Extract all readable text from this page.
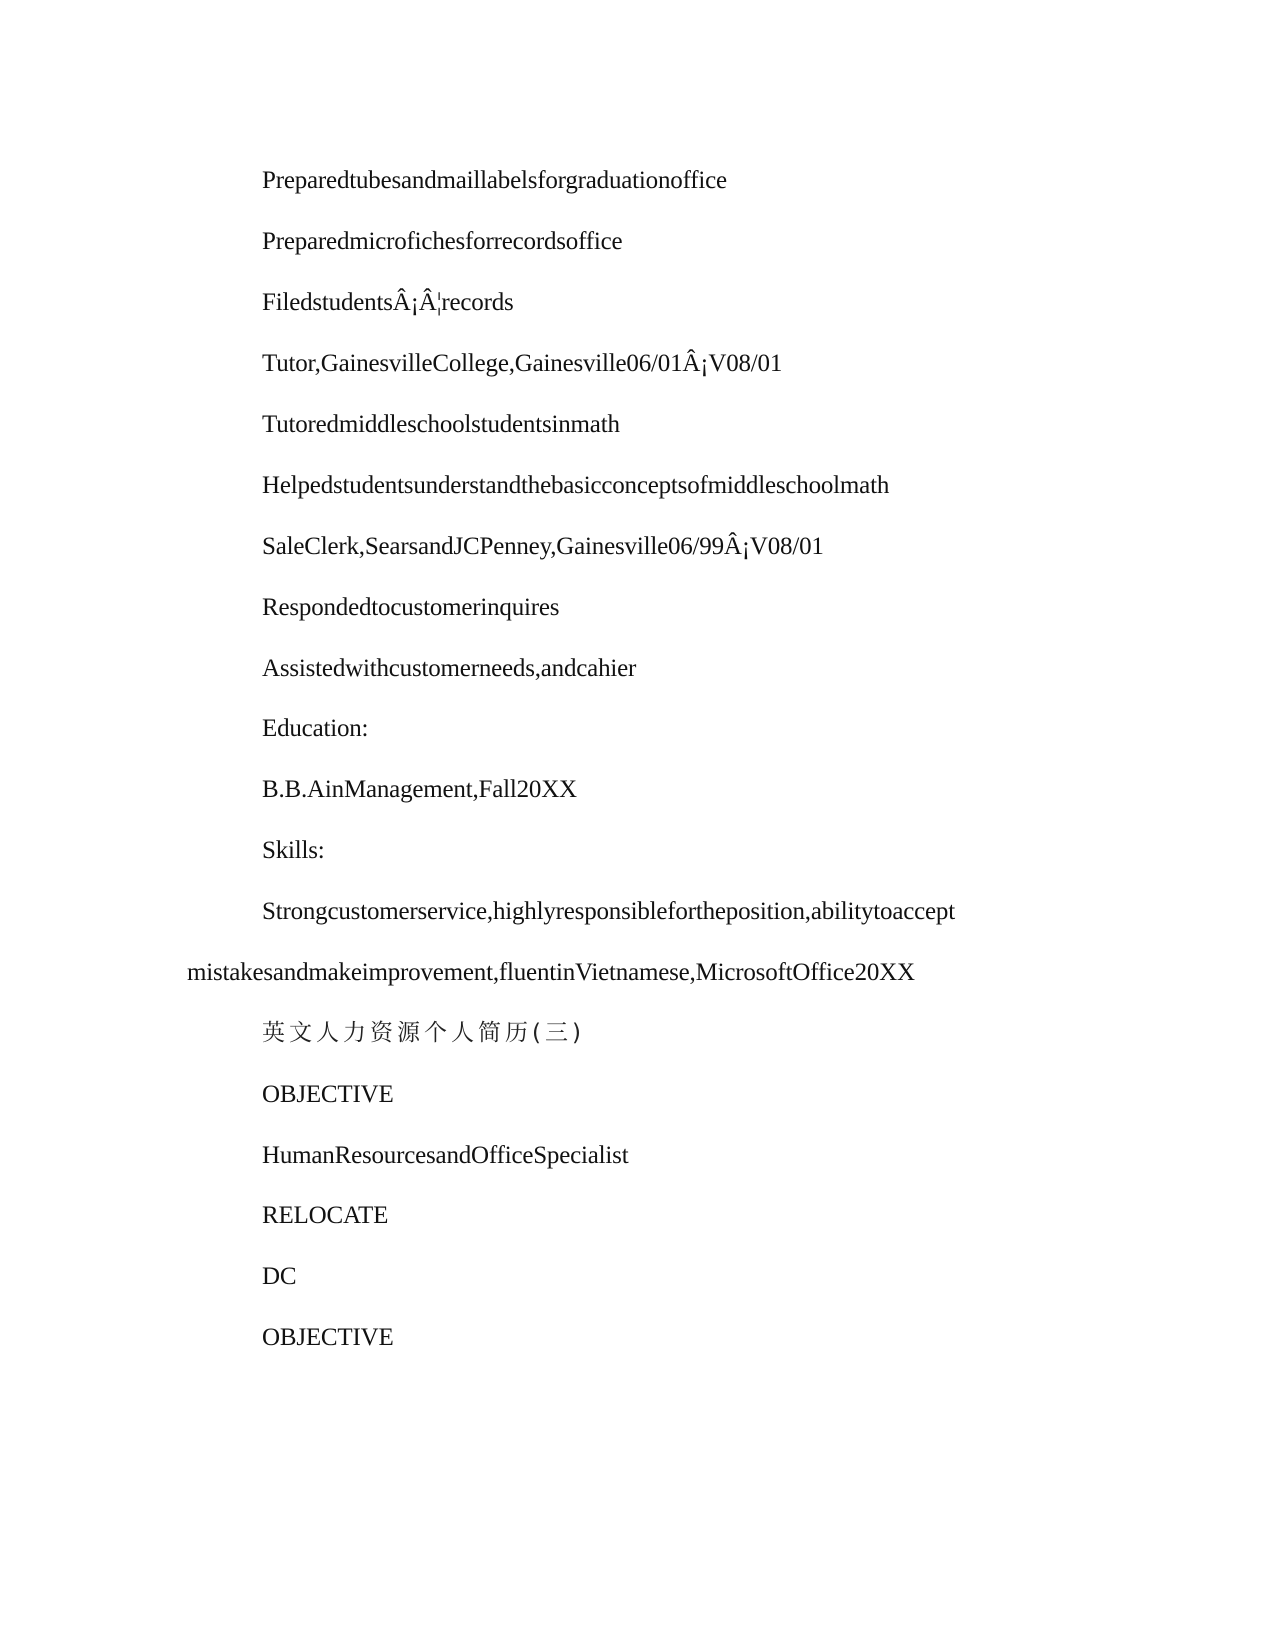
Preparedtubesandmaillabelsforgraduationoffice

Preparedmicrofichesforrecordsoffice

FiledstudentsÂ¡Â¦records

Tutor,GainesvilleCollege,Gainesville06/01Â¡V08/01

Tutoredmiddleschoolstudentsinmath

Helpedstudentsunderstandthebasicconceptsofmiddleschoolmath

SaleClerk,SearsandJCPenney,Gainesville06/99Â¡V08/01

Respondedtocustomerinquires

Assistedwithcustomerneeds,andcahier

Education:

B.B.AinManagement,Fall20XX

Skills:

Strongcustomerservice,highlyresponsiblefortheposition,abilitytoaccept

mistakesandmakeimprovement,fluentinVietnamese,MicrosoftOffice20XX

英文人力资源个人简历(三)

OBJECTIVE

HumanResourcesandOfficeSpecialist

RELOCATE

DC

OBJECTIVE
